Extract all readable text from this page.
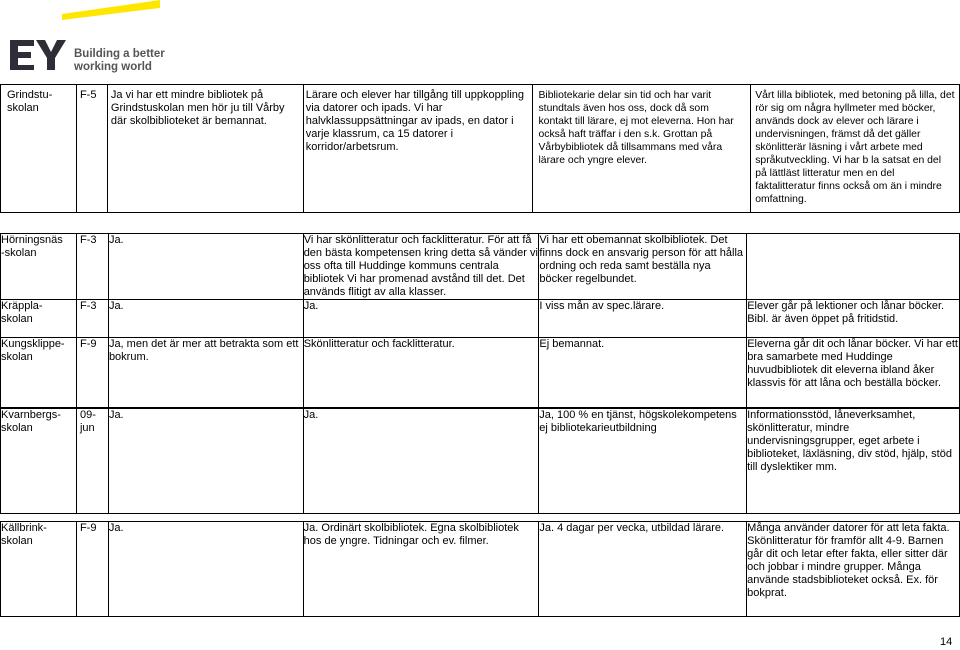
Building a better
working world
Grindstu-
skolan	F-5	Ja vi har ett mindre bibliotek på Grindstuskolan men hör ju till Vårby där skolbiblioteket är bemannat.	Lärare och elever har tillgång till uppkoppling via datorer och ipads. Vi har halvklassuppsättningar av ipads, en dator i varje klassrum, ca 15 datorer i korridor/arbetsrum.	Bibliotekarie delar sin tid och har varit stundtals även hos oss, dock då som kontakt till lärare, ej mot eleverna. Hon har också haft träffar i den s.k. Grottan på Vårbybibliotek då tillsammans med våra lärare och yngre elever.	Vårt lilla bibliotek, med betoning på lilla, det rör sig om några hyllmeter med böcker, används dock av elever och lärare i undervisningen, främst då det gäller skönlitterär läsning i vårt arbete med språkutveckling. Vi har b la satsat en del på lättläst litteratur men en del faktalitteratur finns också om än i mindre omfattning.
Hörningsnäs
-skolan	F-3	Ja.	Vi har skönlitteratur och facklitteratur. För att få den bästa kompetensen kring detta så vänder vi oss ofta till Huddinge kommuns centrala bibliotek Vi har promenad avstånd till det. Det används flitigt av alla klasser.	Vi har ett obemannat skolbibliotek. Det finns dock en ansvarig person för att hålla ordning och reda samt beställa nya böcker regelbundet.	
Kräppla-
skolan	F-3	Ja.	Ja.	I viss mån av spec.lärare.	Elever går på lektioner och lånar böcker. Bibl. är även öppet på fritidstid.
Kungsklippe-
skolan	F-9	Ja, men det är mer att betrakta som ett bokrum.	Skönlitteratur och facklitteratur.	Ej bemannat.	Eleverna går dit och lånar böcker. Vi har ett bra samarbete med Huddinge huvudbibliotek dit eleverna ibland åker klassvis för att låna och beställa böcker.
Kvarnbergs-
skolan	09-
jun	Ja.	Ja.	Ja, 100 % en tjänst, högskolekompetens ej bibliotekarieutbildning	Informationsstöd, låneverksamhet, skönlitteratur, mindre undervisningsgrupper, eget arbete i biblioteket, läxläsning, div stöd, hjälp, stöd till dyslektiker mm.
Källbrink-
skolan	F-9	Ja.	Ja. Ordinärt skolbibliotek. Egna skolbibliotek hos de yngre. Tidningar och ev. filmer.	Ja. 4 dagar per vecka, utbildad lärare.	Många använder datorer för att leta fakta. Skönlitteratur för framför allt 4-9. Barnen går dit och letar efter fakta, eller sitter där och jobbar i mindre grupper. Många använde stadsbiblioteket också. Ex. för bokprat.
14
